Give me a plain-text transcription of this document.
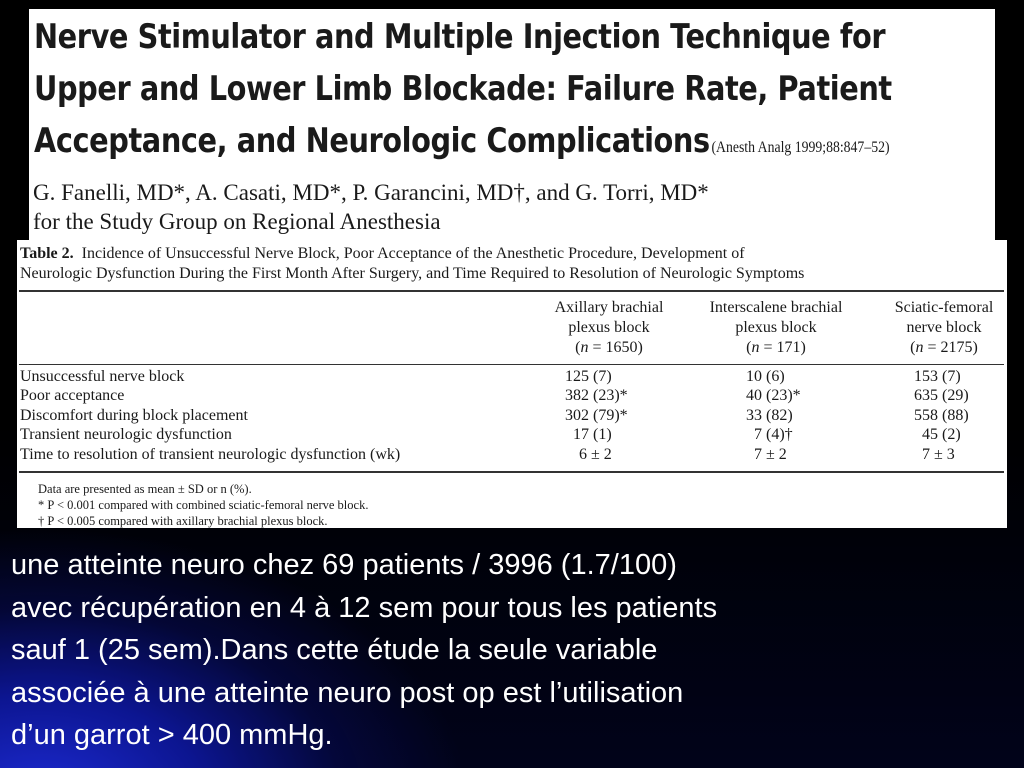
Nerve Stimulator and Multiple Injection Technique for
Upper and Lower Limb Blockade: Failure Rate, Patient
Acceptance, and Neurologic Complications (Anesth Analg 1999;88:847–52)
G. Fanelli, MD*, A. Casati, MD*, P. Garancini, MD†, and G. Torri, MD*
for the Study Group on Regional Anesthesia
Table 2. Incidence of Unsuccessful Nerve Block, Poor Acceptance of the Anesthetic Procedure, Development of
Neurologic Dysfunction During the First Month After Surgery, and Time Required to Resolution of Neurologic Symptoms
Axillary brachial
plexus block
(n = 1650)
Interscalene brachial
plexus block
(n = 171)
Sciatic-femoral
nerve block
(n = 2175)
Unsuccessful nerve block
Poor acceptance
Discomfort during block placement
Transient neurologic dysfunction
Time to resolution of transient neurologic dysfunction (wk)
125 (7)
382 (23)*
302 (79)*
17 (1)
6 ± 2
10 (6)
40 (23)*
33 (82)
7 (4)†
7 ± 2
153 (7)
635 (29)
558 (88)
45 (2)
7 ± 3
Data are presented as mean ± SD or n (%).
* P < 0.001 compared with combined sciatic-femoral nerve block.
† P < 0.005 compared with axillary brachial plexus block.
une atteinte neuro chez 69 patients / 3996 (1.7/100)
avec récupération en 4 à 12 sem pour tous les patients
sauf 1 (25 sem).Dans cette étude la seule variable
associée à une atteinte neuro post op est l’utilisation
d’un garrot > 400 mmHg.
